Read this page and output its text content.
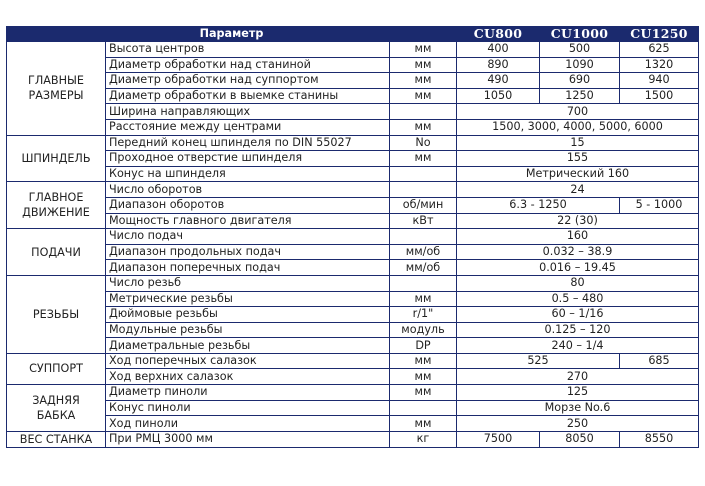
Параметр			CU800	CU1000	CU1250
ГЛАВНЫЕ
РАЗМЕРЫ	Высота центров	мм	400	500	625
	Диаметр обработки над станиной	мм	890	1090	1320
	Диаметр обработки над суппортом	мм	490	690	940
	Диаметр обработки в выемке станины	мм	1050	1250	1500
	Ширина направляющих		700		
	Расстояние между центрами	мм	1500, 3000, 4000, 5000, 6000		
ШПИНДЕЛЬ	Передний конец шпинделя по DIN 55027	No	15		
	Проходное отверстие шпинделя	мм	155		
	Конус на шпинделя		Метрический 160		
ГЛАВНОЕ
ДВИЖЕНИЕ	Число оборотов		24		
	Диапазон оборотов	об/мин	6.3 - 1250		5 - 1000
	Мощность главного двигателя	кВт	22 (30)		
ПОДАЧИ	Число подач		160		
	Диапазон продольных подач	мм/об	0.032 – 38.9		
	Диапазон поперечных подач	мм/об	0.016 – 19.45		
РЕЗЬБЫ	Число резьб		80		
	Метрические резьбы	мм	0.5 – 480		
	Дюймовые резьбы	r/1"	60 – 1/16		
	Модульные резьбы	модуль	0.125 – 120		
	Диаметральные резьбы	DP	240 – 1/4		
СУППОРТ	Ход поперечных салазок	мм	525		685
	Ход верхних салазок	мм	270		
ЗАДНЯЯ
БАБКА	Диаметр пиноли	мм	125		
	Конус пиноли		Морзе No.6		
	Ход пиноли	мм	250		
ВЕС СТАНКА	При РМЦ 3000 мм	кг	7500	8050	8550
